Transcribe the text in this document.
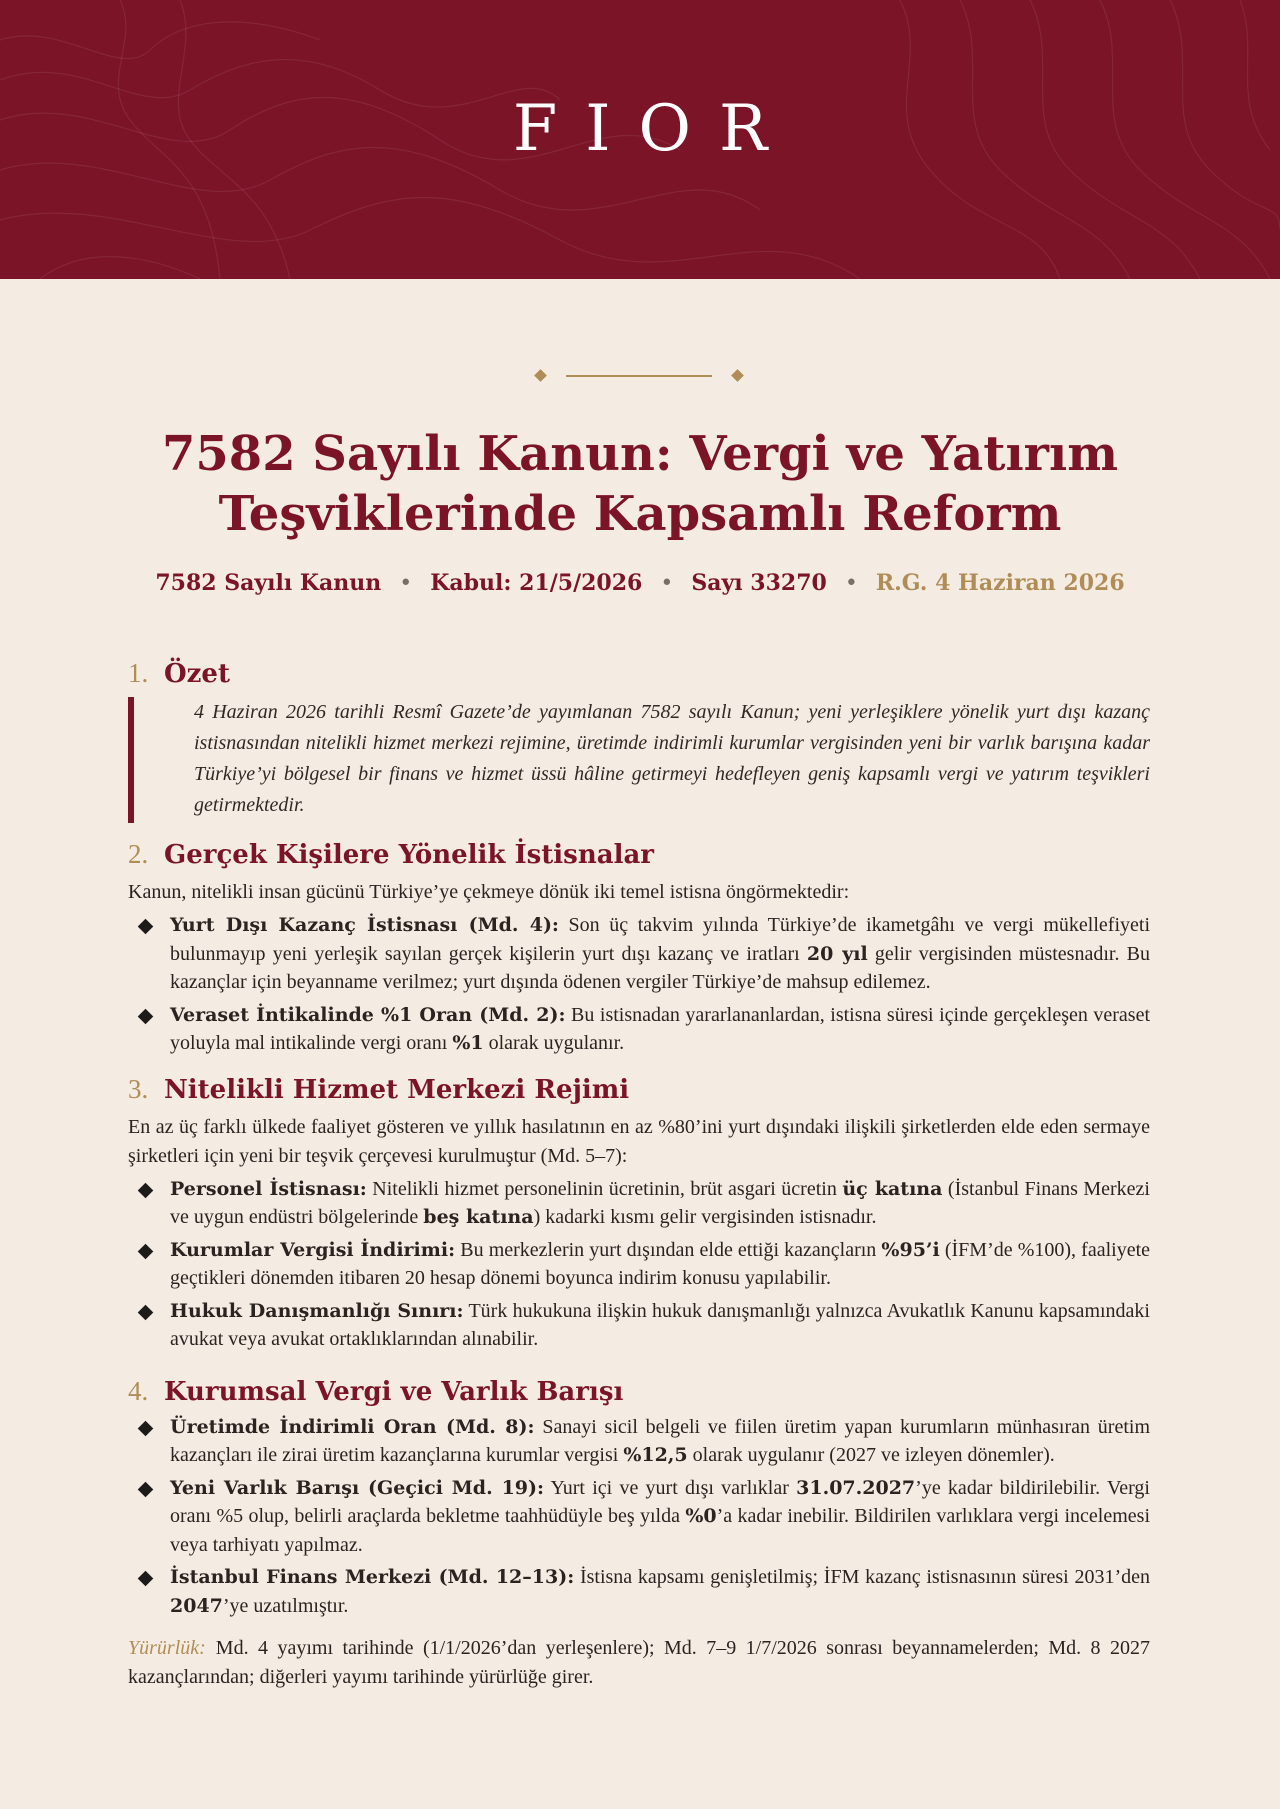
FIOR
7582 Sayılı Kanun: Vergi ve Yatırım
Teşviklerinde Kapsamlı Reform
7582 Sayılı Kanun • Kabul: 21/5/2026 • Sayı 33270 • R.G. 4 Haziran 2026
1. Özet

4 Haziran 2026 tarihli Resmî Gazete’de yayımlanan 7582 sayılı Kanun; yeni yerleşiklere yönelik yurt dışı kazanç istisnasından nitelikli hizmet merkezi rejimine, üretimde indirimli kurumlar vergisinden yeni bir varlık barışına kadar Türkiye’yi bölgesel bir finans ve hizmet üssü hâline getirmeyi hedefleyen geniş kapsamlı vergi ve yatırım teşvikleri getirmektedir.

2. Gerçek Kişilere Yönelik İstisnalar

Kanun, nitelikli insan gücünü Türkiye’ye çekmeye dönük iki temel istisna öngörmektedir:

Yurt Dışı Kazanç İstisnası (Md. 4): Son üç takvim yılında Türkiye’de ikametgâhı ve vergi mükellefiyeti bulunmayıp yeni yerleşik sayılan gerçek kişilerin yurt dışı kazanç ve iratları 20 yıl gelir vergisinden müstesnadır. Bu kazançlar için beyanname verilmez; yurt dışında ödenen vergiler Türkiye’de mahsup edilemez.
Veraset İntikalinde %1 Oran (Md. 2): Bu istisnadan yararlananlardan, istisna süresi içinde gerçekleşen veraset yoluyla mal intikalinde vergi oranı %1 olarak uygulanır.
3. Nitelikli Hizmet Merkezi Rejimi

En az üç farklı ülkede faaliyet gösteren ve yıllık hasılatının en az %80’ini yurt dışındaki ilişkili şirketlerden elde eden sermaye şirketleri için yeni bir teşvik çerçevesi kurulmuştur (Md. 5–7):

Personel İstisnası: Nitelikli hizmet personelinin ücretinin, brüt asgari ücretin üç katına (İstanbul Finans Merkezi ve uygun endüstri bölgelerinde beş katına) kadarki kısmı gelir vergisinden istisnadır.
Kurumlar Vergisi İndirimi: Bu merkezlerin yurt dışından elde ettiği kazançların %95’i (İFM’de %100), faaliyete geçtikleri dönemden itibaren 20 hesap dönemi boyunca indirim konusu yapılabilir.
Hukuk Danışmanlığı Sınırı: Türk hukukuna ilişkin hukuk danışmanlığı yalnızca Avukatlık Kanunu kapsamındaki avukat veya avukat ortaklıklarından alınabilir.
4. Kurumsal Vergi ve Varlık Barışı
Üretimde İndirimli Oran (Md. 8): Sanayi sicil belgeli ve fiilen üretim yapan kurumların münhasıran üretim kazançları ile zirai üretim kazançlarına kurumlar vergisi %12,5 olarak uygulanır (2027 ve izleyen dönemler).
Yeni Varlık Barışı (Geçici Md. 19): Yurt içi ve yurt dışı varlıklar 31.07.2027’ye kadar bildirilebilir. Vergi oranı %5 olup, belirli araçlarda bekletme taahhüdüyle beş yılda %0’a kadar inebilir. Bildirilen varlıklara vergi incelemesi veya tarhiyatı yapılmaz.
İstanbul Finans Merkezi (Md. 12–13): İstisna kapsamı genişletilmiş; İFM kazanç istisnasının süresi 2031’den 2047’ye uzatılmıştır.

Yürürlük: Md. 4 yayımı tarihinde (1/1/2026’dan yerleşenlere); Md. 7–9 1/7/2026 sonrası beyannamelerden; Md. 8 2027 kazançlarından; diğerleri yayımı tarihinde yürürlüğe girer.
